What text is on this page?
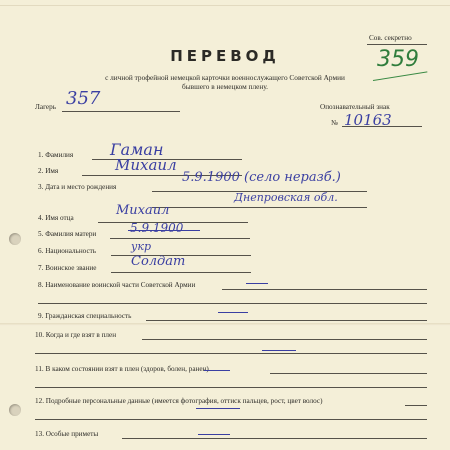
Сов. секретно
359
ПЕРЕВОД
с личной трофейной немецкой карточки военнослужащего Советской Армии
бывшего в немецком плену.
Лагерь 357	Опознавательный знак
№ 10163
1. Фамилия Гаман
2. Имя	Михаил
3. Дата и место рождения
5.9.1900 (село неразб.)
Днепровская обл.
4. Имя отца	Михаил
5. Фамилия матери	5.9.1900
6. Национальность	укр
7. Воинское звание	Солдат
8. Наименование воинской части Советской Армии
9. Гражданская специальность
10. Когда и где взят в плен
11. В каком состоянии взят в плен (здоров, болен, ранен)
12. Подробные персональные данные (имеется фотография, оттиск пальцев, рост, цвет волос)
13. Особые приметы
